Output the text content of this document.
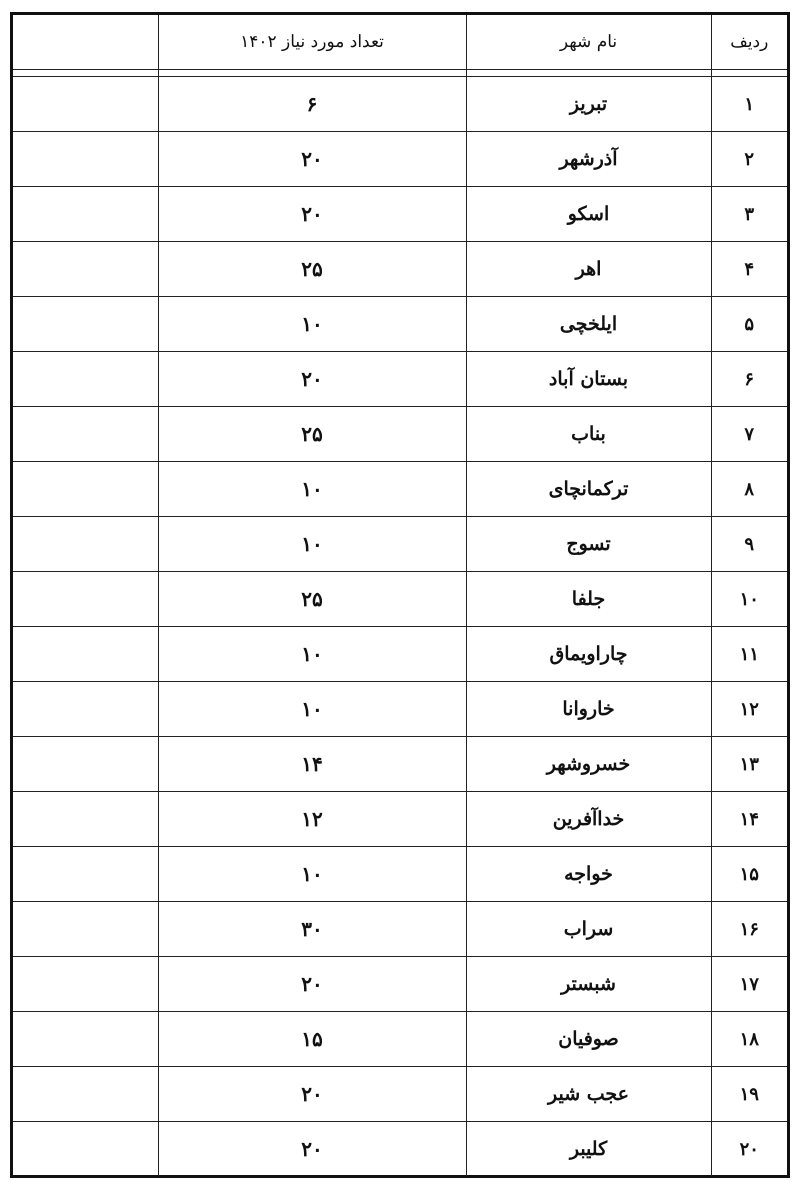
	تعداد مورد نیاز ۱۴۰۲	نام شهر	ردیف

	۶	تبریز	۱
	۲۰	آذرشهر	۲
	۲۰	اسکو	۳
	۲۵	اهر	۴
	۱۰	ایلخچی	۵
	۲۰	بستان آباد	۶
	۲۵	بناب	۷
	۱۰	ترکمانچای	۸
	۱۰	تسوج	۹
	۲۵	جلفا	۱۰
	۱۰	چاراویماق	۱۱
	۱۰	خاروانا	۱۲
	۱۴	خسروشهر	۱۳
	۱۲	خداآفرین	۱۴
	۱۰	خواجه	۱۵
	۳۰	سراب	۱۶
	۲۰	شبستر	۱۷
	۱۵	صوفیان	۱۸
	۲۰	عجب شیر	۱۹
	۲۰	کلیبر	۲۰
